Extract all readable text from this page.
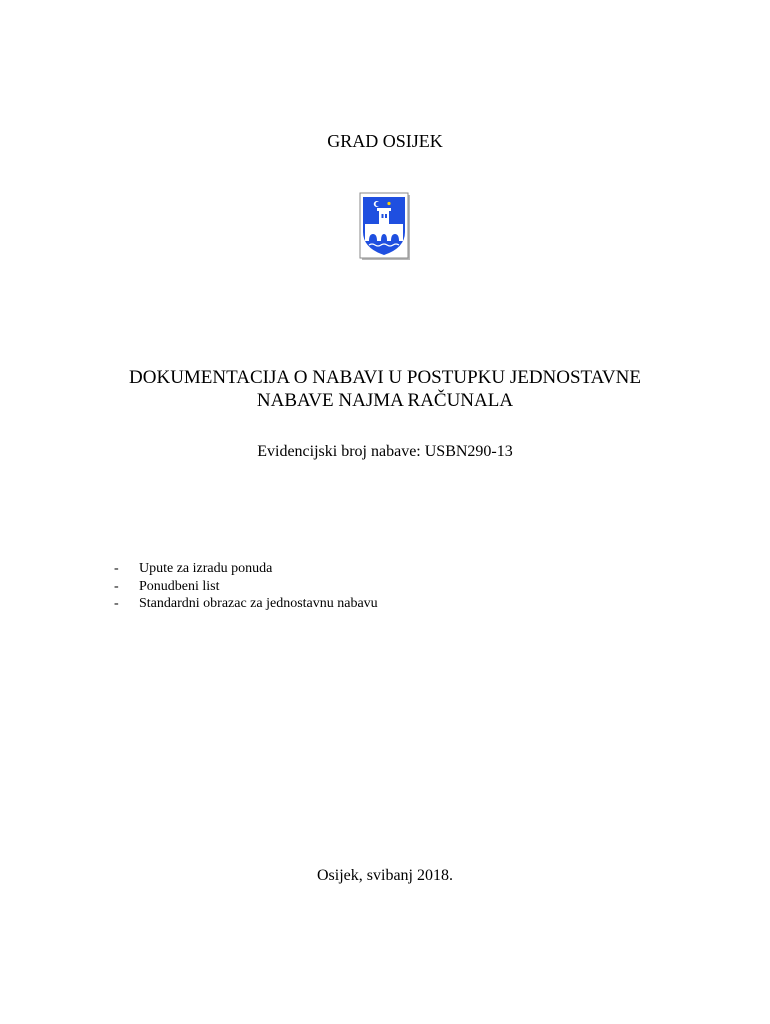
GRAD OSIJEK
DOKUMENTACIJA O NABAVI U POSTUPKU JEDNOSTAVNE
NABAVE NAJMA RAČUNALA
Evidencijski broj nabave: USBN290-13
- Upute za izradu ponuda
- Ponudbeni list
- Standardni obrazac za jednostavnu nabavu
Osijek, svibanj 2018.
